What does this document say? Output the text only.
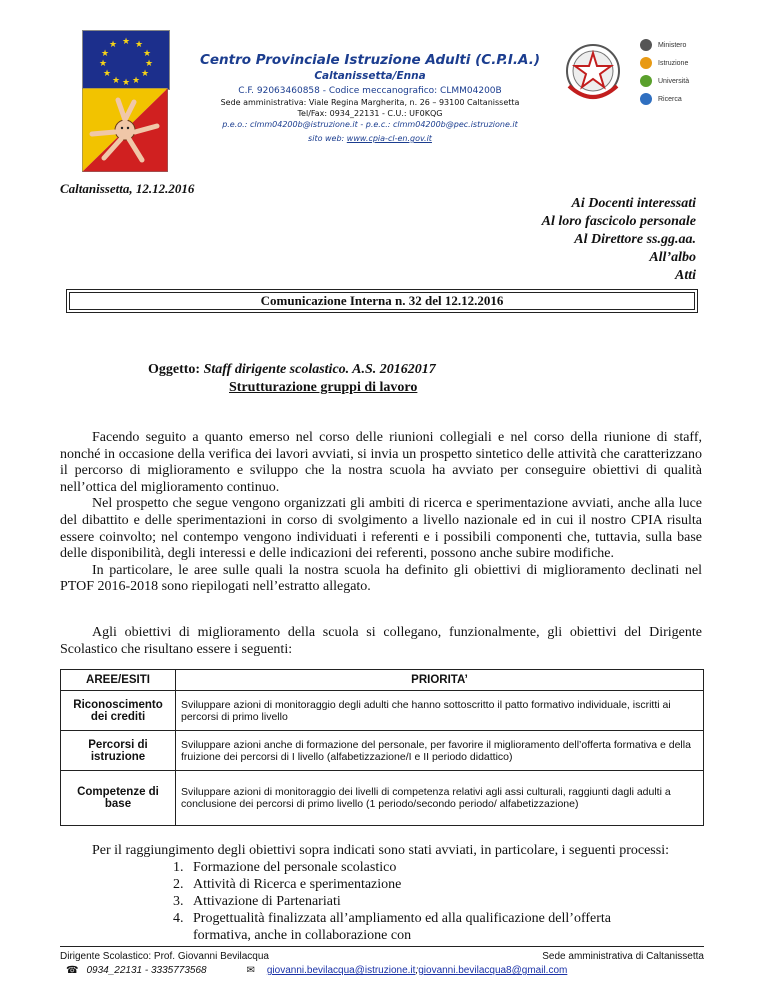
★ ★
★
★
★
★
★
★
★
★
★
★
REPUBBLICA ITALIANA
Ministero
Istruzione
Università
Ricerca
Centro Provinciale Istruzione Adulti (C.P.I.A.)
Caltanissetta/Enna
C.F. 92063460858 - Codice meccanografico: CLMM04200B
Sede amministrativa: Viale Regina Margherita, n. 26 – 93100 Caltanissetta
Tel/Fax: 0934_22131 - C.U.: UF0KQG
p.e.o.: clmm04200b@istruzione.it - p.e.c.: clmm04200b@pec.istruzione.it
sito web: www.cpia-cl-en.gov.it
Caltanissetta, 12.12.2016
Ai Docenti interessati
Al loro fascicolo personale
Al Direttore ss.gg.aa.
All’albo
Atti
Comunicazione Interna n. 32 del 12.12.2016
Oggetto: Staff dirigente scolastico. A.S. 20162017
Strutturazione gruppi di lavoro

Facendo seguito a quanto emerso nel corso delle riunioni collegiali e nel corso della riunione di staff, nonché in occasione della verifica dei lavori avviati, si invia un prospetto sintetico delle attività che caratterizzano il percorso di miglioramento e sviluppo che la nostra scuola ha avviato per conseguire obiettivi di qualità nell’ottica del miglioramento continuo.

Nel prospetto che segue vengono organizzati gli ambiti di ricerca e sperimentazione avviati, anche alla luce del dibattito e delle sperimentazioni in corso di svolgimento a livello nazionale ed in cui il nostro CPIA risulta essere coinvolto; nel contempo vengono individuati i referenti e i possibili componenti che, tuttavia, sulla base delle disponibilità, degli interessi e delle indicazioni dei referenti, possono anche subire modifiche.

In particolare, le aree sulle quali la nostra scuola ha definito gli obiettivi di miglioramento declinati nel PTOF 2016-2018 sono riepilogati nell’estratto allegato.

Agli obiettivi di miglioramento della scuola si collegano, funzionalmente, gli obiettivi del Dirigente Scolastico che risultano essere i seguenti:

AREE/ESITI	PRIORITA’
Riconoscimento dei crediti	Sviluppare azioni di monitoraggio degli adulti che hanno sottoscritto il patto formativo individuale, iscritti ai percorsi di primo livello
Percorsi di istruzione	Sviluppare azioni anche di formazione del personale, per favorire il miglioramento dell’offerta formativa e della fruizione dei percorsi di I livello (alfabetizzazione/I e II periodo didattico)
Competenze di base	Sviluppare azioni di monitoraggio dei livelli di competenza relativi agli assi culturali, raggiunti dagli adulti a conclusione dei percorsi di primo livello (1 periodo/secondo periodo/ alfabetizzazione)

Per il raggiungimento degli obiettivi sopra indicati sono stati avviati, in particolare, i seguenti processi:

1. Formazione del personale scolastico
2. Attività di Ricerca e sperimentazione
3. Attivazione di Partenariati
4. Progettualità finalizzata all’ampliamento ed alla qualificazione dell’offerta
formativa, anche in collaborazione con
Dirigente Scolastico: Prof. Giovanni Bevilacqua	Sede amministrativa di Caltanissetta
☎ 0934_22131 - 3335773568	✉ giovanni.bevilacqua@istruzione.it ; giovanni.bevilacqua8@gmail.com
